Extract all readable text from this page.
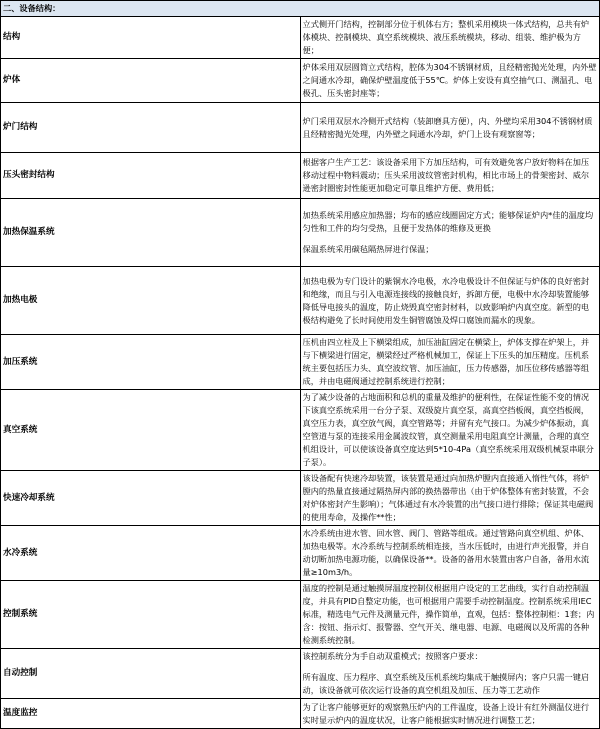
二、设备结构：	
结构	立式侧开门结构，控制部分位于机体右方；整机采用模块一体式结构，总共有炉体模块、控制模块、真空系统模块、液压系统模块，移动、组装、维护极为方便；

炉体	炉体采用双层圆筒立式结构，腔体为304不锈钢材质，且经精密抛光处理，内外壁之间通水冷却，确保炉壁温度低于55℃。炉体上安设有真空抽气口、测温孔、电极孔、压头密封座等；

炉门结构	炉门采用双层水冷侧开式结构（装卸磨具方便），内、外壁均采用304不锈钢材质且经精密抛光处理，内外壁之间通水冷却，炉门上设有观察窗等；

压头密封结构	根据客户生产工艺：该设备采用下方加压结构，可有效避免客户放好物料在加压移动过程中物料震动；压头采用波纹管密封机构，相比市场上的骨架密封、威尔逊密封圈密封性能更加稳定可靠且维护方便、费用低；

加热保温系统	加热系统采用感应加热器；均布的感应线圈固定方式；能够保证炉内*佳的温度均匀性和工件的均匀受热，且便于发热体的维修及更换
保温系统采用碳毡隔热屏进行保温；

加热电极	加热电极为专门设计的紫铜水冷电极，水冷电极设计不但保证与炉体的良好密封和绝缘，而且与引入电源连接线的接触良好，拆卸方便，电极中水冷却装置能够降低导电接头的温度，防止烧毁真空密封材料，以致影响炉内真空度。新型的电极结构避免了长时间使用发生铜管腐蚀及焊口腐蚀而漏水的现象。

加压系统	压机由四立柱及上下横梁组成，加压油缸固定在横梁上，炉体支撑在炉架上，并与下横梁进行固定，横梁经过严格机械加工，保证上下压头的加压精度。压机系统主要包括压力头、真空波纹管、加压油缸，压力传感器，加压位移传感器等组成，并由电磁阀通过控制系统进行控制；

真空系统	为了减少设备的占地面积和总机的重量及维护的便利性，在保证性能不变的情况下该真空系统采用一台分子泵、双级旋片真空泵，高真空挡板阀，真空挡板阀，真空压力表，真空放气阀，真空管路等；并留有充气接口。为减少炉体振动，真空管道与泵的连接采用金属波纹管，真空测量采用电阻真空计测量，合理的真空机组设计，可以使该设备真空度达到5*10-4Pa（真空系统采用双级机械泵串联分子泵）。

快速冷却系统	该设备配有快速冷却装置，该装置是通过向加热炉膛内直接通入惰性气体，将炉膛内的热量直接通过隔热屏内部的换热器带出（由于炉体整体有密封装置，不会对炉体密封产生影响）；气体通过有水冷装置的出气接口进行排除；保证其电磁阀的使用寿命，及操作**性；

水冷系统	水冷系统由进水管、回水管、阀门、管路等组成。通过管路向真空机组、炉体、加热电极等。水冷系统与控制系统相连接，当水压低时，由进行声光报警，并自动切断加热电源功能，以确保设备**。设备的备用水装置由客户自备，备用水流量≥10m3/h。

控制系统	温度的控制是通过触摸屏温度控制仪根据用户设定的工艺曲线，实行自动控制温度，并具有PID自整定功能，也可根据用户需要手动控制温度。控制系统采用IEC标准，精选电气元件及测量元件，操作简单，直观，包括：整体控制柜：1套；内含：按钮、指示灯、报警器、空气开关、继电器、电源、电磁阀以及所需的各种检测系统控制。

自动控制	该控制系统分为手自动双重模式；按照客户要求：
所有温度、压力程序、真空系统及压机系统均集成于触摸屏内；客户只需一键启动，该设备就可依次运行设备的真空机组及加压、压力等工艺动作

温度监控	为了让客户能够更好的观察熟压炉内的工件温度，设备上设计有红外测温仪进行实时显示炉内的温度状况，让客户能根据实时情况进行调整工艺；
